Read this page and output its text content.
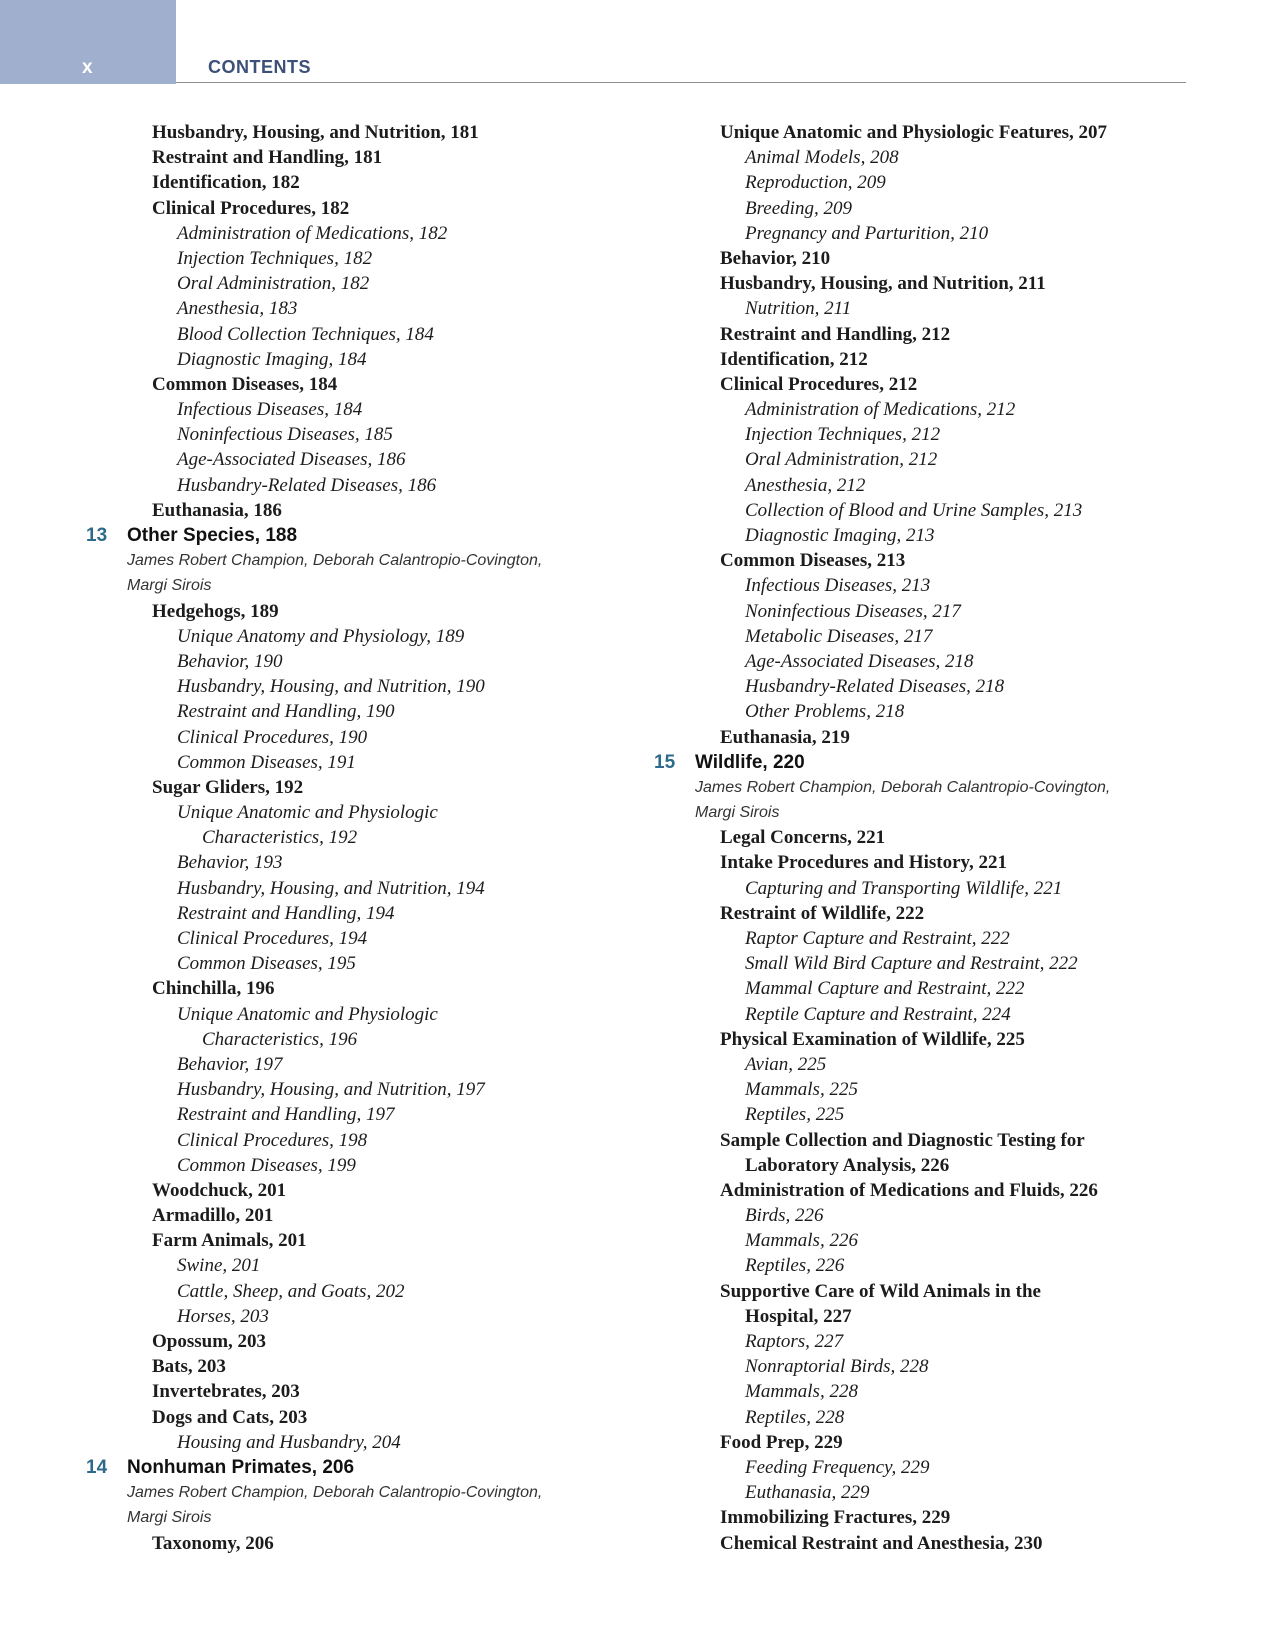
x	CONTENTS
Husbandry, Housing, and Nutrition, 181
Restraint and Handling, 181
Identification, 182
Clinical Procedures, 182
Administration of Medications, 182
Injection Techniques, 182
Oral Administration, 182
Anesthesia, 183
Blood Collection Techniques, 184
Diagnostic Imaging, 184
Common Diseases, 184
Infectious Diseases, 184
Noninfectious Diseases, 185
Age-Associated Diseases, 186
Husbandry-Related Diseases, 186
Euthanasia, 186
13 Other Species, 188
James Robert Champion, Deborah Calantropio-Covington,
Margi Sirois
Hedgehogs, 189
Unique Anatomy and Physiology, 189
Behavior, 190
Husbandry, Housing, and Nutrition, 190
Restraint and Handling, 190
Clinical Procedures, 190
Common Diseases, 191
Sugar Gliders, 192
Unique Anatomic and Physiologic
Characteristics, 192
Behavior, 193
Husbandry, Housing, and Nutrition, 194
Restraint and Handling, 194
Clinical Procedures, 194
Common Diseases, 195
Chinchilla, 196
Unique Anatomic and Physiologic
Characteristics, 196
Behavior, 197
Husbandry, Housing, and Nutrition, 197
Restraint and Handling, 197
Clinical Procedures, 198
Common Diseases, 199
Woodchuck, 201
Armadillo, 201
Farm Animals, 201
Swine, 201
Cattle, Sheep, and Goats, 202
Horses, 203
Opossum, 203
Bats, 203
Invertebrates, 203
Dogs and Cats, 203
Housing and Husbandry, 204
14 Nonhuman Primates, 206
James Robert Champion, Deborah Calantropio-Covington,
Margi Sirois
Taxonomy, 206
Unique Anatomic and Physiologic Features, 207
Animal Models, 208
Reproduction, 209
Breeding, 209
Pregnancy and Parturition, 210
Behavior, 210
Husbandry, Housing, and Nutrition, 211
Nutrition, 211
Restraint and Handling, 212
Identification, 212
Clinical Procedures, 212
Administration of Medications, 212
Injection Techniques, 212
Oral Administration, 212
Anesthesia, 212
Collection of Blood and Urine Samples, 213
Diagnostic Imaging, 213
Common Diseases, 213
Infectious Diseases, 213
Noninfectious Diseases, 217
Metabolic Diseases, 217
Age-Associated Diseases, 218
Husbandry-Related Diseases, 218
Other Problems, 218
Euthanasia, 219
15 Wildlife, 220
James Robert Champion, Deborah Calantropio-Covington,
Margi Sirois
Legal Concerns, 221
Intake Procedures and History, 221
Capturing and Transporting Wildlife, 221
Restraint of Wildlife, 222
Raptor Capture and Restraint, 222
Small Wild Bird Capture and Restraint, 222
Mammal Capture and Restraint, 222
Reptile Capture and Restraint, 224
Physical Examination of Wildlife, 225
Avian, 225
Mammals, 225
Reptiles, 225
Sample Collection and Diagnostic Testing for
Laboratory Analysis, 226
Administration of Medications and Fluids, 226
Birds, 226
Mammals, 226
Reptiles, 226
Supportive Care of Wild Animals in the
Hospital, 227
Raptors, 227
Nonraptorial Birds, 228
Mammals, 228
Reptiles, 228
Food Prep, 229
Feeding Frequency, 229
Euthanasia, 229
Immobilizing Fractures, 229
Chemical Restraint and Anesthesia, 230
